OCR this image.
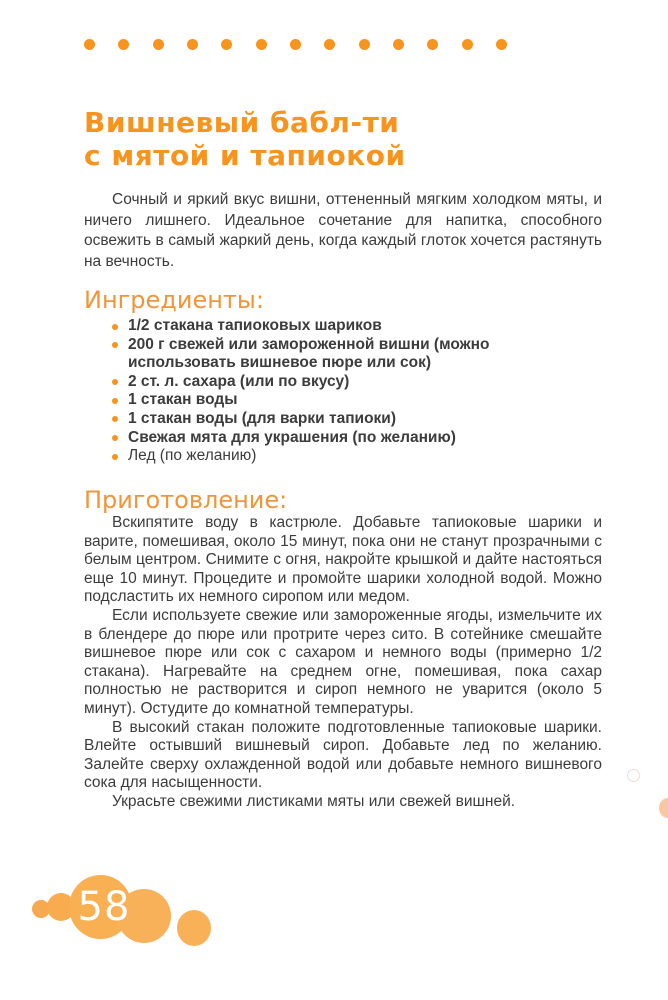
Вишневый бабл-ти
с мятой и тапиокой

Сочный и яркий вкус вишни, оттененный мягким холодком мяты, и ничего лишнего. Идеальное сочетание для напитка, способного освежить в самый жаркий день, когда каждый глоток хочется растянуть на вечность.

Ингредиенты:
1/2 стакана тапиоковых шариков
200 г свежей или замороженной вишни (можно использовать вишневое пюре или сок)
2 ст. л. сахара (или по вкусу)
1 стакан воды
1 стакан воды (для варки тапиоки)
Свежая мята для украшения (по желанию)
Лед (по желанию)
Приготовление:

Вскипятите воду в кастрюле. Добавьте тапиоковые шарики и варите, помешивая, около 15 минут, пока они не станут прозрачными с белым центром. Снимите с огня, накройте крышкой и дайте настояться еще 10 минут. Процедите и промойте шарики холодной водой. Можно подсластить их немного сиропом или медом.

Если используете свежие или замороженные ягоды, измельчите их в блендере до пюре или протрите через сито. В сотейнике смешайте вишневое пюре или сок с сахаром и немного воды (примерно 1/2 стакана). Нагревайте на среднем огне, помешивая, пока сахар полностью не растворится и сироп немного не уварится (около 5 минут). Остудите до комнатной температуры.

В высокий стакан положите подготовленные тапиоковые шарики. Влейте остывший вишневый сироп. Добавьте лед по желанию. Залейте сверху охлажденной водой или добавьте немного вишневого сока для насыщенности.

Украсьте свежими листиками мяты или свежей вишней.

58
